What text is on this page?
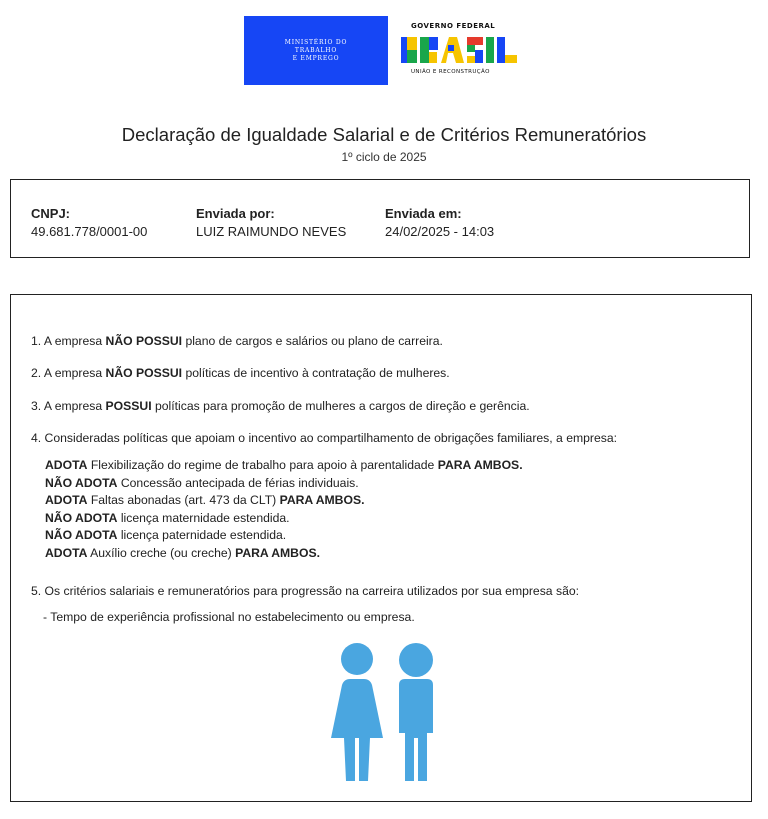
MINISTÉRIO DO
TRABALHO
E EMPREGO
GOVERNO FEDERAL
UNIÃO E RECONSTRUÇÃO
Declaração de Igualdade Salarial e de Critérios Remuneratórios
1º ciclo de 2025
CNPJ:
49.681.778/0001-00
Enviada por:
LUIZ RAIMUNDO NEVES
Enviada em:
24/02/2025 - 14:03
1. A empresa NÃO POSSUI plano de cargos e salários ou plano de carreira.
2. A empresa NÃO POSSUI políticas de incentivo à contratação de mulheres.
3. A empresa POSSUI políticas para promoção de mulheres a cargos de direção e gerência.
4. Consideradas políticas que apoiam o incentivo ao compartilhamento de obrigações familiares, a empresa:
ADOTA Flexibilização do regime de trabalho para apoio à parentalidade PARA AMBOS.
NÃO ADOTA Concessão antecipada de férias individuais.
ADOTA Faltas abonadas (art. 473 da CLT) PARA AMBOS.
NÃO ADOTA licença maternidade estendida.
NÃO ADOTA licença paternidade estendida.
ADOTA Auxílio creche (ou creche) PARA AMBOS.
5. Os critérios salariais e remuneratórios para progressão na carreira utilizados por sua empresa são:
- Tempo de experiência profissional no estabelecimento ou empresa.
